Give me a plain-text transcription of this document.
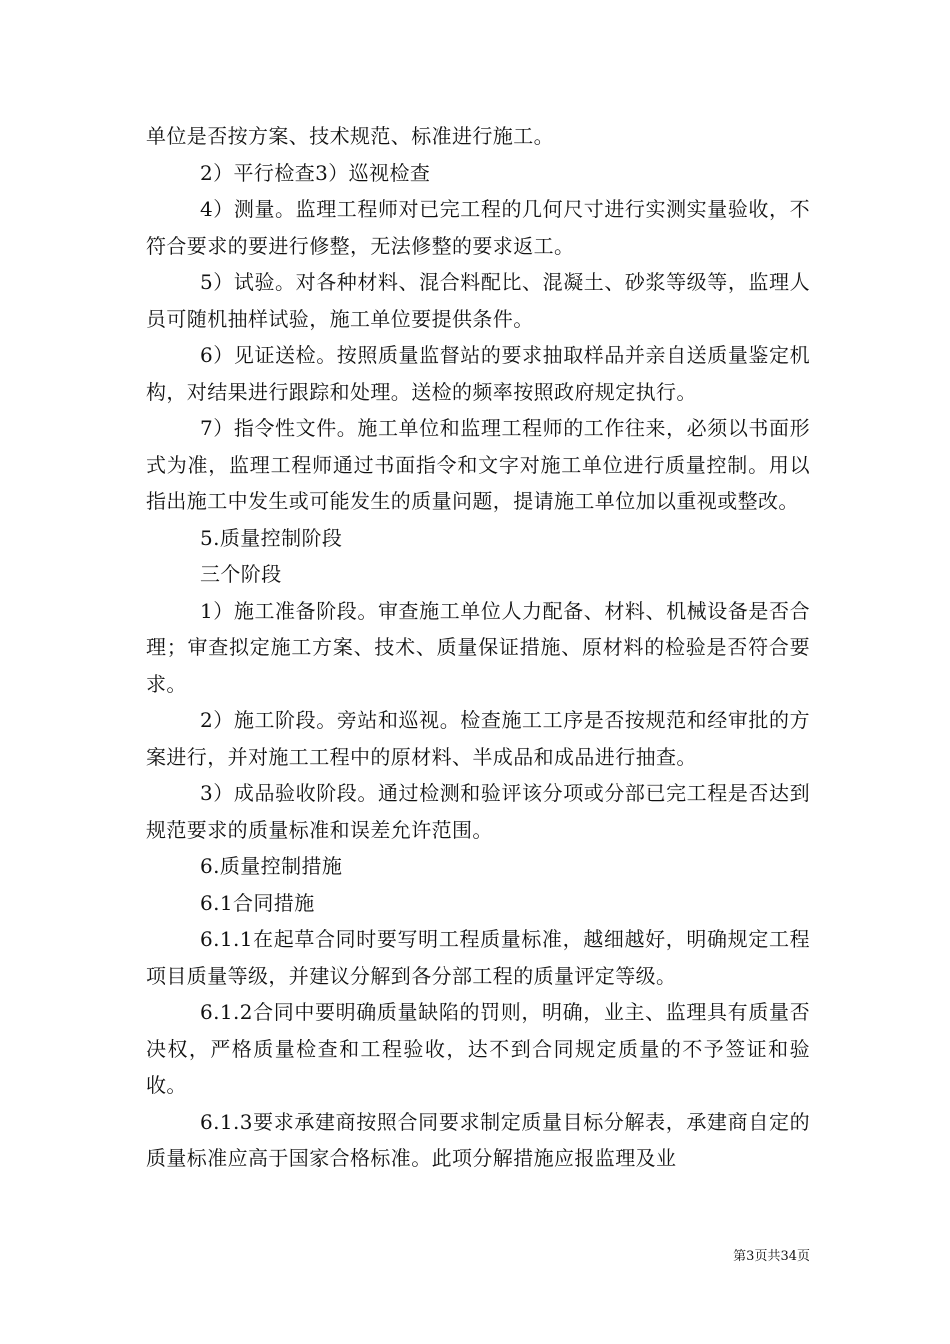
单位是否按方案、技术规范、标准进行施工。

2）平行检查3）巡视检查

4）测量。监理工程师对已完工程的几何尺寸进行实测实量验收，不符合要求的要进行修整，无法修整的要求返工。

5）试验。对各种材料、混合料配比、混凝土、砂浆等级等，监理人员可随机抽样试验，施工单位要提供条件。

6）见证送检。按照质量监督站的要求抽取样品并亲自送质量鉴定机构，对结果进行跟踪和处理。送检的频率按照政府规定执行。

7）指令性文件。施工单位和监理工程师的工作往来，必须以书面形式为准，监理工程师通过书面指令和文字对施工单位进行质量控制。用以指出施工中发生或可能发生的质量问题，提请施工单位加以重视或整改。

5.质量控制阶段

三个阶段

1）施工准备阶段。审查施工单位人力配备、材料、机械设备是否合理；审查拟定施工方案、技术、质量保证措施、原材料的检验是否符合要求。

2）施工阶段。旁站和巡视。检查施工工序是否按规范和经审批的方案进行，并对施工工程中的原材料、半成品和成品进行抽查。

3）成品验收阶段。通过检测和验评该分项或分部已完工程是否达到规范要求的质量标准和误差允许范围。

6.质量控制措施

6.1合同措施

6.1.1在起草合同时要写明工程质量标准，越细越好，明确规定工程项目质量等级，并建议分解到各分部工程的质量评定等级。

6.1.2合同中要明确质量缺陷的罚则，明确，业主、监理具有质量否决权，严格质量检查和工程验收，达不到合同规定质量的不予签证和验收。

6.1.3要求承建商按照合同要求制定质量目标分解表，承建商自定的质量标准应高于国家合格标准。此项分解措施应报监理及业

第3页共34页
